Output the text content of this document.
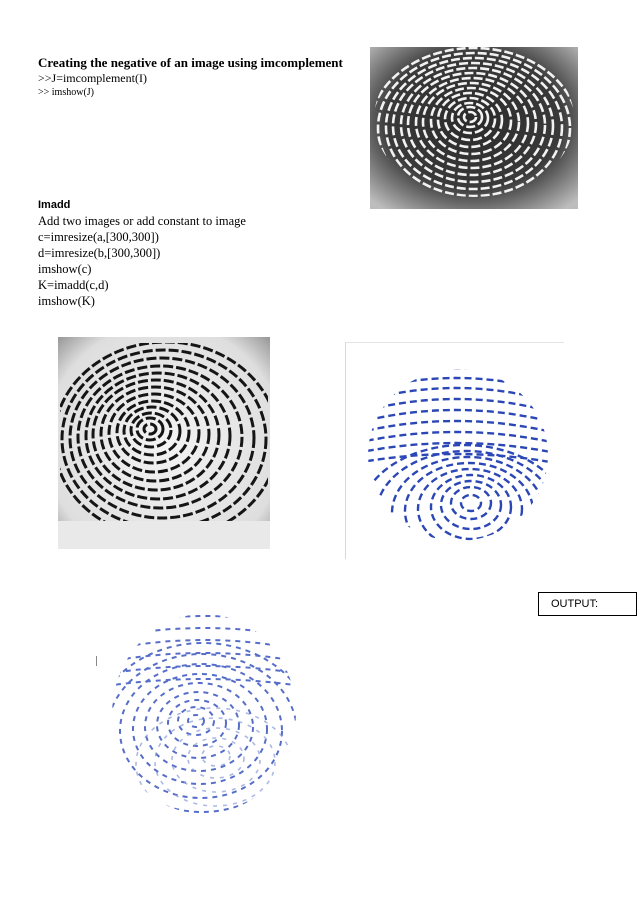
Creating the negative of an image using imcomplement
>>J=imcomplement(I)
>> imshow(J)
Imadd
Add two images or add constant to image
c=imresize(a,[300,300])
d=imresize(b,[300,300])
imshow(c)
K=imadd(c,d)
imshow(K)
OUTPUT:
